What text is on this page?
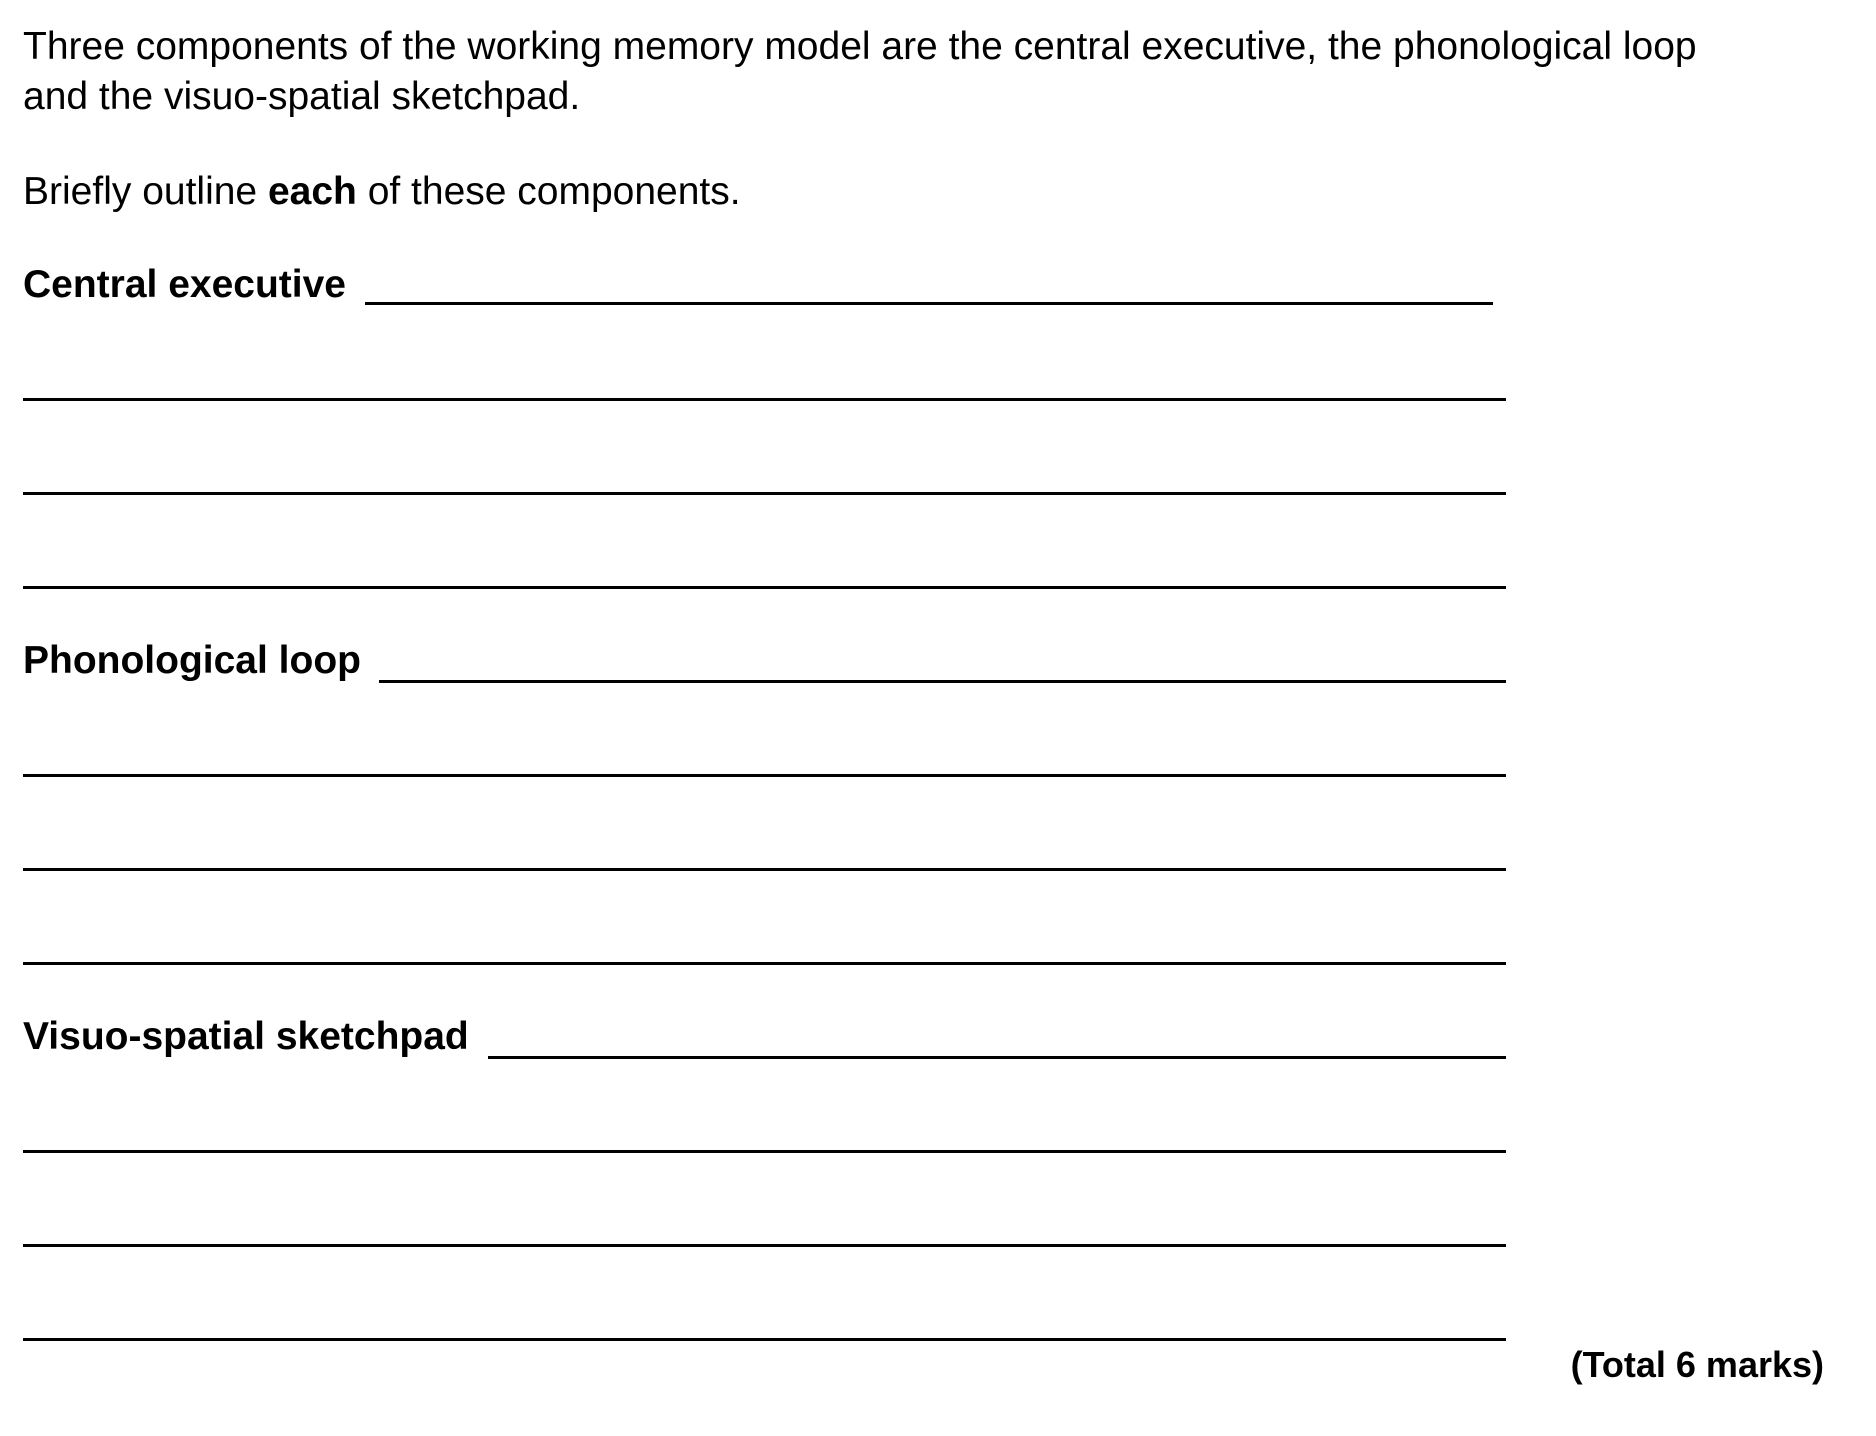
Three components of the working memory model are the central executive, the phonological loop
and the visuo-spatial sketchpad.

Briefly outline each of these components.

Central executive
Phonological loop
Visuo-spatial sketchpad
(Total 6 marks)
